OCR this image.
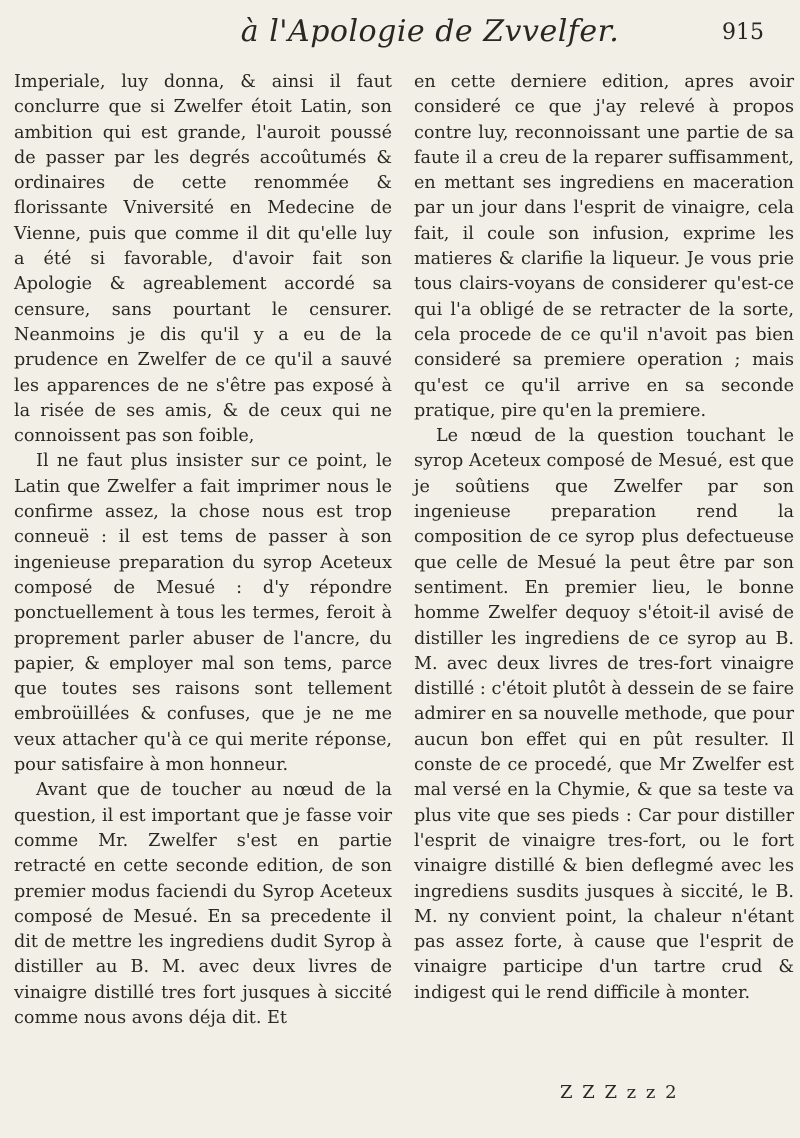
à l'Apologie de Zvvelfer.	915

Imperiale, luy donna, & ainsi il faut conclurre que si Zwelfer étoit Latin, son ambition qui est grande, l'auroit poussé de passer par les degrés accoûtumés & ordinaires de cette renommée & florissante Vniversité en Medecine de Vienne, puis que comme il dit qu'elle luy a été si favorable, d'avoir fait son Apologie & agreablement accordé sa censure, sans pourtant le censurer. Neanmoins je dis qu'il y a eu de la prudence en Zwelfer de ce qu'il a sauvé les apparences de ne s'être pas exposé à la risée de ses amis, & de ceux qui ne connoissent pas son foible,

Il ne faut plus insister sur ce point, le Latin que Zwelfer a fait imprimer nous le confirme assez, la chose nous est trop conneuë : il est tems de passer à son ingenieuse preparation du syrop Aceteux composé de Mesué : d'y répondre ponctuellement à tous les termes, feroit à proprement parler abuser de l'ancre, du papier, & employer mal son tems, parce que toutes ses raisons sont tellement embroüillées & confuses, que je ne me veux attacher qu'à ce qui merite réponse, pour satisfaire à mon honneur.

Avant que de toucher au nœud de la question, il est important que je fasse voir comme Mr. Zwelfer s'est en partie retracté en cette seconde edition, de son premier modus faciendi du Syrop Aceteux composé de Mesué. En sa precedente il dit de mettre les ingrediens dudit Syrop à distiller au B. M. avec deux livres de vinaigre distillé tres fort jusques à siccité comme nous avons déja dit. Et

en cette derniere edition, apres avoir consideré ce que j'ay relevé à propos contre luy, reconnoissant une partie de sa faute il a creu de la reparer suffisamment, en mettant ses ingrediens en maceration par un jour dans l'esprit de vinaigre, cela fait, il coule son infusion, exprime les matieres & clarifie la liqueur. Je vous prie tous clairs-voyans de considerer qu'est-ce qui l'a obligé de se retracter de la sorte, cela procede de ce qu'il n'avoit pas bien consideré sa premiere operation ; mais qu'est ce qu'il arrive en sa seconde pratique, pire qu'en la premiere.

Le nœud de la question touchant le syrop Aceteux composé de Mesué, est que je soûtiens que Zwelfer par son ingenieuse preparation rend la composition de ce syrop plus defectueuse que celle de Mesué la peut être par son sentiment. En premier lieu, le bonne homme Zwelfer dequoy s'étoit-il avisé de distiller les ingrediens de ce syrop au B. M. avec deux livres de tres-fort vinaigre distillé : c'étoit plutôt à dessein de se faire admirer en sa nouvelle methode, que pour aucun bon effet qui en pût resulter. Il conste de ce procedé, que Mr Zwelfer est mal versé en la Chymie, & que sa teste va plus vite que ses pieds : Car pour distiller l'esprit de vinaigre tres-fort, ou le fort vinaigre distillé & bien deflegmé avec les ingrediens susdits jusques à siccité, le B. M. ny convient point, la chaleur n'étant pas assez forte, à cause que l'esprit de vinaigre participe d'un tartre crud & indigest qui le rend difficile à monter.

Z Z Z z z 2
